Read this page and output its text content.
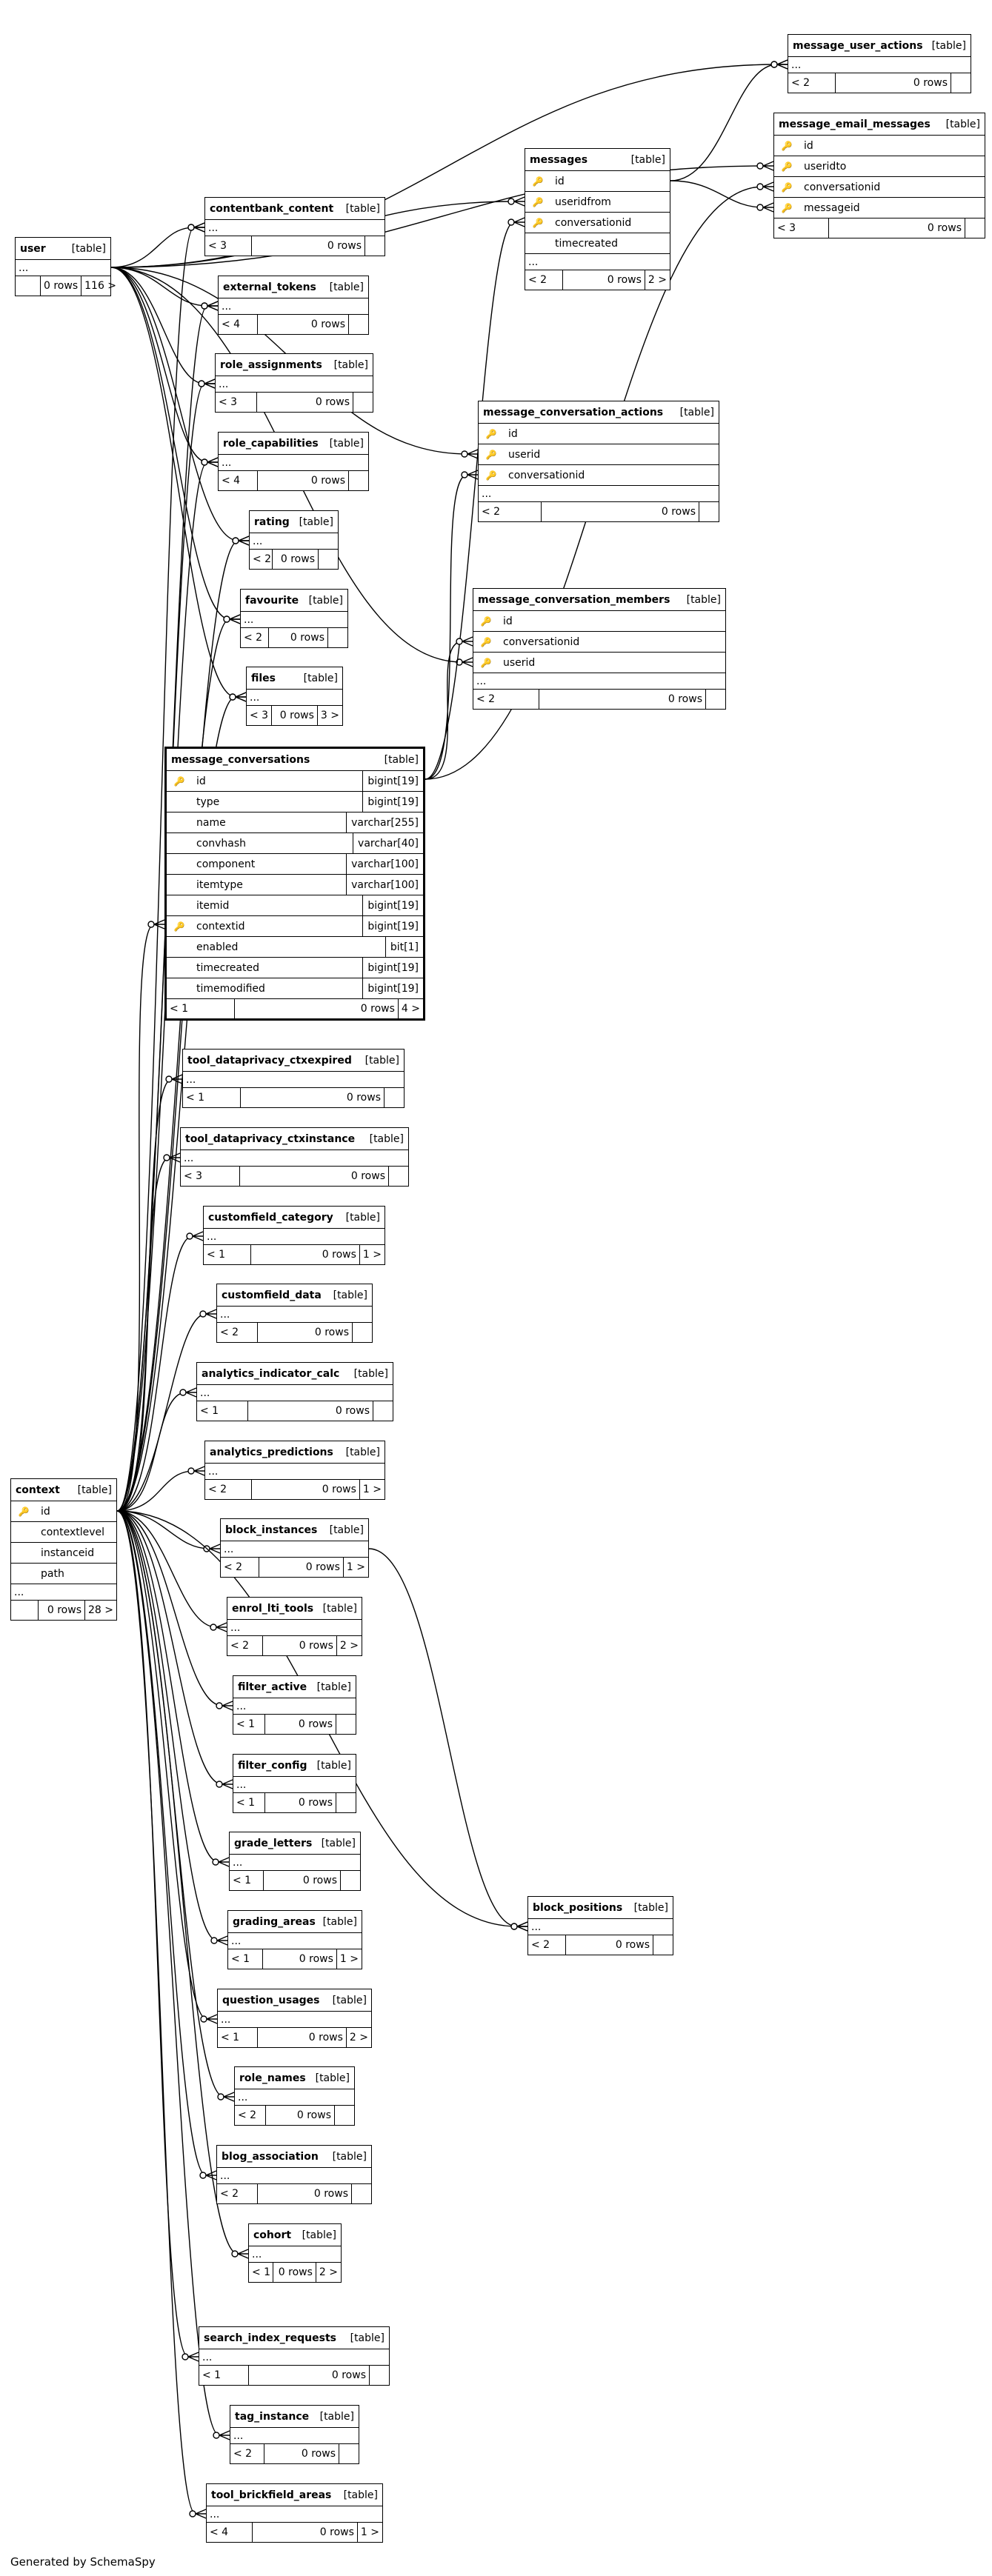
message_user_actions [table]
...
< 2	0 rows
message_email_messages [table]
🔑	id
🔑	useridto
🔑	conversationid
🔑	messageid
< 3	0 rows
messages	[table]
🔑	id
🔑	useridfrom
🔑	conversationid
timecreated
...
< 2	0 rows 2 >
user [table]
...
0 rows 116 >
contentbank_content [table]
...
< 3	0 rows
external_tokens [table]
...
< 4	0 rows
role_assignments [table]
...
< 3	0 rows
role_capabilities [table]
...
< 4	0 rows
rating [table]
...
< 2 0 rows
favourite [table]
...
< 2	0 rows
files	[table]
...
< 3	0 rows 3 >
message_conversation_actions [table]
🔑	id
🔑	userid
🔑	conversationid
...
< 2	0 rows
message_conversation_members [table]
🔑	id
🔑	conversationid
🔑	userid
...
< 2	0 rows
message_conversations	[table]
🔑	id	bigint[19]
type	bigint[19]
name	varchar[255]
convhash	varchar[40]
component	varchar[100]
itemtype	varchar[100]
itemid	bigint[19]
🔑	contextid	bigint[19]
enabled	bit[1]
timecreated	bigint[19]
timemodified	bigint[19]
< 1	0 rows 4 >
tool_dataprivacy_ctxexpired [table]
...
< 1	0 rows
tool_dataprivacy_ctxinstance [table]
...
< 3	0 rows
customfield_category [table]
...
< 1	0 rows 1 >
customfield_data [table]
...
< 2	0 rows
analytics_indicator_calc [table]
...
< 1	0 rows
analytics_predictions [table]
...
< 2	0 rows 1 >
context [table]
🔑	id
contextlevel
instanceid
path
...
0 rows 28 >
block_instances [table]
...
< 2	0 rows 1 >
enrol_lti_tools [table]
...
< 2	0 rows 2 >
filter_active [table]
...
< 1	0 rows
filter_config [table]
...
< 1	0 rows
grade_letters [table]
...
< 1	0 rows
grading_areas [table]
...
< 1	0 rows 1 >
block_positions [table]
...
< 2	0 rows
question_usages [table]
...
< 1	0 rows 2 >
role_names [table]
...
< 2	0 rows
blog_association [table]
...
< 2	0 rows
cohort [table]
...
< 1 0 rows 2 >
search_index_requests [table]
...
< 1	0 rows
tag_instance [table]
...
< 2	0 rows
tool_brickfield_areas [table]
...
< 4	0 rows 1 >
Generated by SchemaSpy
